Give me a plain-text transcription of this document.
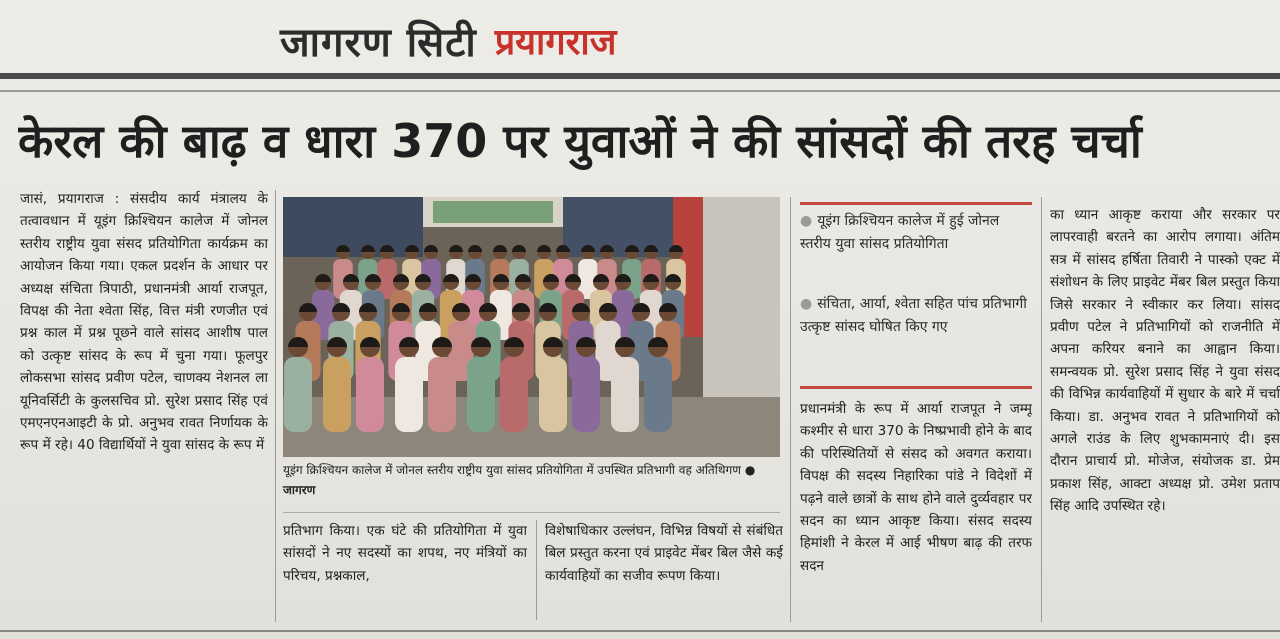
जागरण सिटी प्रयागराज
केरल की बाढ़ व धारा 370 पर युवाओं ने की सांसदों की तरह चर्चा

जासं, प्रयागराज : संसदीय कार्य मंत्रालय के तत्वावधान में यूइंग क्रिश्चियन कालेज में जोनल स्तरीय राष्ट्रीय युवा संसद प्रतियोगिता कार्यक्रम का आयोजन किया गया। एकल प्रदर्शन के आधार पर अध्यक्ष संचिता त्रिपाठी, प्रधानमंत्री आर्या राजपूत, विपक्ष की नेता श्वेता सिंह, वित्त मंत्री रणजीत एवं प्रश्न काल में प्रश्न पूछने वाले सांसद आशीष पाल को उत्कृष्ट सांसद के रूप में चुना गया। फूलपुर लोकसभा सांसद प्रवीण पटेल, चाणक्य नेशनल ला यूनिवर्सिटी के कुलसचिव प्रो. सुरेश प्रसाद सिंह एवं एमएनएनआइटी के प्रो. अनुभव रावत निर्णायक के रूप में रहे। 40 विद्यार्थियों ने युवा सांसद के रूप में

यूइंग क्रिश्चियन कालेज में जोनल स्तरीय राष्ट्रीय युवा सांसद प्रतियोगिता में उपस्थित प्रतिभागी वह अतिथिगण ● जागरण

प्रतिभाग किया। एक घंटे की प्रतियोगिता में युवा सांसदों ने नए सदस्यों का शपथ, नए मंत्रियों का परिचय, प्रश्नकाल,

विशेषाधिकार उल्लंघन, विभिन्न विषयों से संबंधित बिल प्रस्तुत करना एवं प्राइवेट मेंबर बिल जैसे कई कार्यवाहियों का सजीव रूपण किया।

● यूइंग क्रिश्चियन कालेज में हुई जोनल स्तरीय युवा सांसद प्रतियोगिता
● संचिता, आर्या, श्वेता सहित पांच प्रतिभागी उत्कृष्ट सांसद घोषित किए गए

प्रधानमंत्री के रूप में आर्या राजपूत ने जम्मू कश्मीर से धारा 370 के निष्प्रभावी होने के बाद की परिस्थितियों से संसद को अवगत कराया। विपक्ष की सदस्य निहारिका पांडे ने विदेशों में पढ़ने वाले छात्रों के साथ होने वाले दुर्व्यवहार पर सदन का ध्यान आकृष्ट किया। संसद सदस्य हिमांशी ने केरल में आई भीषण बाढ़ की तरफ सदन

का ध्यान आकृष्ट कराया और सरकार पर लापरवाही बरतने का आरोप लगाया। अंतिम सत्र में सांसद हर्षिता तिवारी ने पास्को एक्ट में संशोधन के लिए प्राइवेट मेंबर बिल प्रस्तुत किया जिसे सरकार ने स्वीकार कर लिया। सांसद प्रवीण पटेल ने प्रतिभागियों को राजनीति में अपना करियर बनाने का आह्वान किया। समन्वयक प्रो. सुरेश प्रसाद सिंह ने युवा संसद की विभिन्न कार्यवाहियों में सुधार के बारे में चर्चा किया। डा. अनुभव रावत ने प्रतिभागियों को अगले राउंड के लिए शुभकामनाएं दी। इस दौरान प्राचार्य प्रो. मोजेज, संयोजक डा. प्रेम प्रकाश सिंह, आक्टा अध्यक्ष प्रो. उमेश प्रताप सिंह आदि उपस्थित रहे।
